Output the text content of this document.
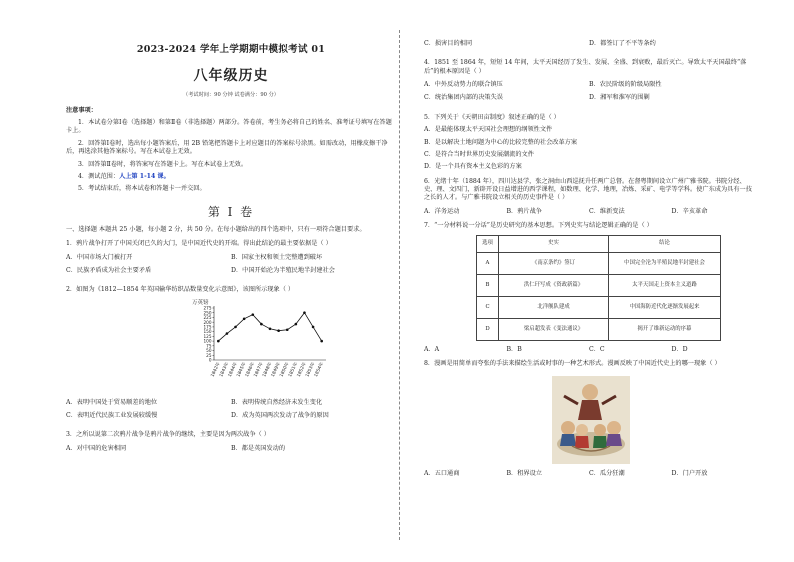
2023-2024 学年上学期期中模拟考试 01
八年级历史
（考试时间：90 分钟 试卷满分：90 分）
注意事项：
1．本试卷分第Ⅰ卷（选择题）和第Ⅱ卷（非选择题）两部分。答卷前，考生务必将自己的姓名、准考证号填写在答题卡上。
2．回答第Ⅰ卷时，选出每小题答案后，用 2B 铅笔把答题卡上对应题目的答案标号涂黑。如需改动，用橡皮擦干净后，再选涂其他答案标号。写在本试卷上无效。
3．回答第Ⅱ卷时，将答案写在答题卡上。写在本试卷上无效。
4．测试范围：人上第 1-14 课。
5．考试结束后，将本试卷和答题卡一并交回。
第 Ⅰ 卷
一、选择题 本题共 25 小题，每小题 2 分，共 50 分。在每小题给出的四个选项中，只有一项符合题目要求。
1．鸦片战争打开了中国关闭已久的大门，是中国近代史的开端。得出此结论的最主要依据是（ ）
A．中国市场大门被打开	B．国家主权和领土完整遭到破坏
C．民族矛盾成为社会主要矛盾	D．中国开始沦为半殖民地半封建社会
2．如图为《1812—1854 年英国输华纺织品数量变化示意图》，该图所示现象（ ）
万英镑
0
25
50
75
100
125
150
175
200
225
250
275
1842年
1843年
1844年
1845年
1846年
1847年
1848年
1849年
1850年
1851年
1852年
1853年
1854年
A．表明中国处于贸易顺差的地位	B．表明传统自然经济未发生变化
C．表明近代民族工业发展较缓慢	D．成为英国两次发动了战争的原因
3．之所以说第二次鸦片战争是鸦片战争的继续，主要是因为两次战争（ ）
A．对中国的危害相同	B．都是英国发动的
C．损害目的相同	D．都签订了不平等条约
4．1851 至 1864 年，短短 14 年间，太平天国经历了发生、发展、全盛、到衰败，最后灭亡。导致太平天国最终“落后”的根本原因是（ ）
A．中外反动势力的联合镇压	B．农民阶级的阶级局限性
C．统治集团内部的决策失误	D．湘军和淮军的围剿
5．下列关于《天朝田亩制度》叙述正确的是（ ）
A．是最能体现太平天国社会理想的纲领性文件
B．是以解决土地问题为中心的比较完整的社会改革方案
C．是符合当时世界历史发展潮流的文件
D．是一个具有资本主义色彩的方案
6．光绪十年（1884 年），四川达县学，张之洞由山西巡抚升任两广总督。在督粤期间设立广州广雅书院。书院分经、史、理、文四门，新辟开设日益增进的西学课程，如数理、化学、地理，冶炼、采矿、电学等学科。使广东成为具有一技之长的人才。与广雅书院设立相关的历史事件是（ ）
A．洋务运动	B．鸦片战争	C．维新变法	D．辛亥革命
7．“一分材料说一分话”是历史研究的基本思想。下列史实与结论逻辑正确的是（ ）
选项	史实	结论
A	《南京条约》签订	中国完全沦为半殖民地半封建社会
B	洪仁玕写成《资政新篇》	太平天国走上资本主义道路
C	北洋舰队建成	中国海防近代化逐渐发展起来
D	梁启超发表《变法通议》	揭开了维新运动的序幕
A．A	B．B	C．C	D．D
8．漫画是用简单而夸张的手法来描绘生活或时事的一种艺术形式。漫画反映了中国近代史上的哪一现象（ ）
A．五口通商	B．租界设立	C．瓜分狂潮	D．门户开放
